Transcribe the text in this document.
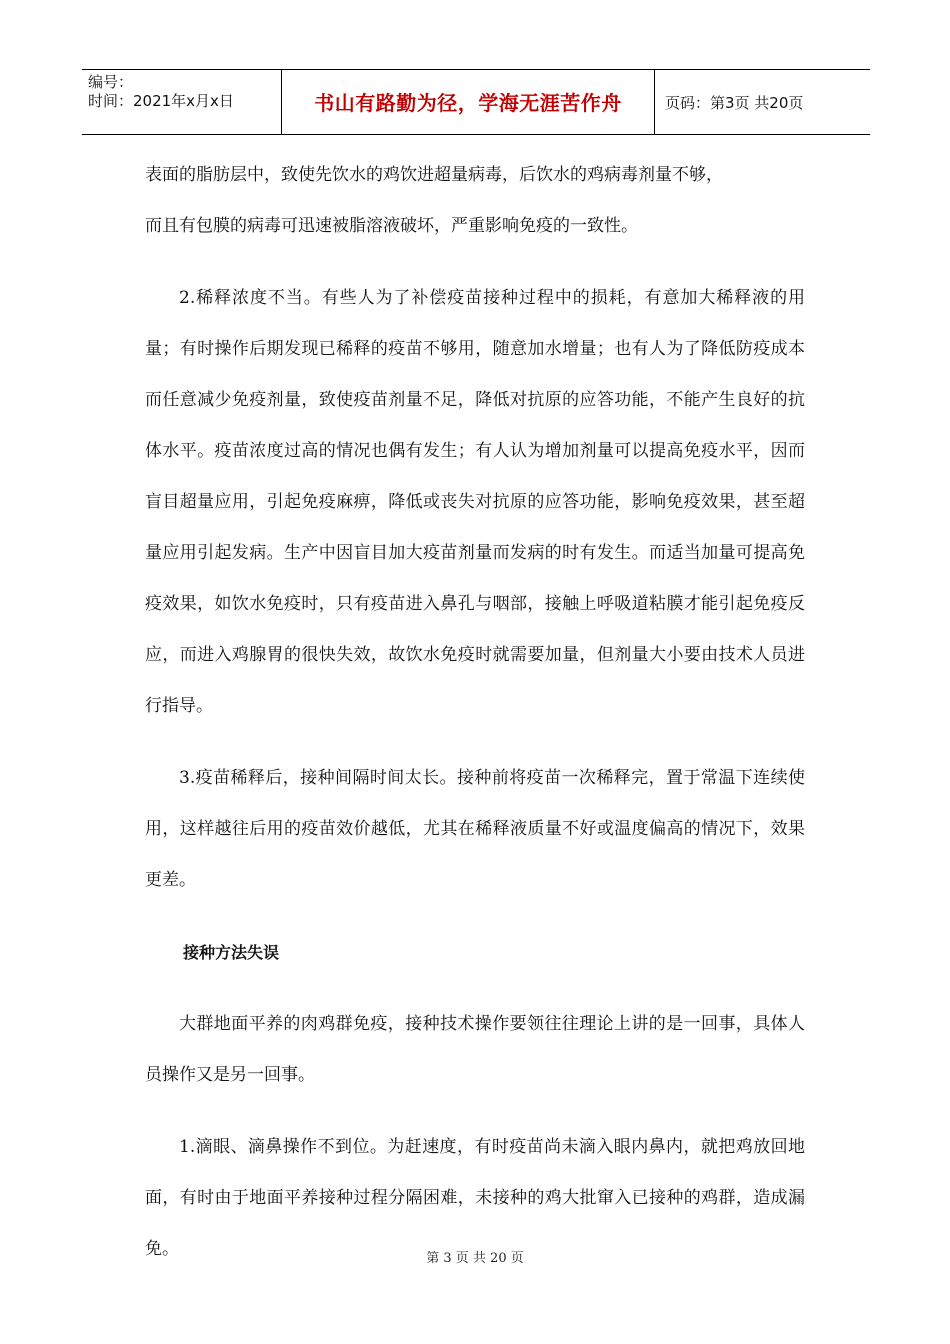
编号：
时间：2021年x月x日	书山有路勤为径，学海无涯苦作舟	页码：第3页 共20页

表面的脂肪层中，致使先饮水的鸡饮进超量病毒，后饮水的鸡病毒剂量不够，

而且有包膜的病毒可迅速被脂溶液破坏，严重影响免疫的一致性。

2.稀释浓度不当。有些人为了补偿疫苗接种过程中的损耗，有意加大稀释液的用量；有时操作后期发现已稀释的疫苗不够用，随意加水增量；也有人为了降低防疫成本而任意减少免疫剂量，致使疫苗剂量不足，降低对抗原的应答功能，不能产生良好的抗体水平。疫苗浓度过高的情况也偶有发生；有人认为增加剂量可以提高免疫水平，因而盲目超量应用，引起免疫麻痹，降低或丧失对抗原的应答功能，影响免疫效果，甚至超量应用引起发病。生产中因盲目加大疫苗剂量而发病的时有发生。而适当加量可提高免疫效果，如饮水免疫时，只有疫苗进入鼻孔与咽部，接触上呼吸道粘膜才能引起免疫反应，而进入鸡腺胃的很快失效，故饮水免疫时就需要加量，但剂量大小要由技术人员进行指导。

3.疫苗稀释后，接种间隔时间太长。接种前将疫苗一次稀释完，置于常温下连续使用，这样越往后用的疫苗效价越低，尤其在稀释液质量不好或温度偏高的情况下，效果更差。

接种方法失误

大群地面平养的肉鸡群免疫，接种技术操作要领往往理论上讲的是一回事，具体人员操作又是另一回事。

1.滴眼、滴鼻操作不到位。为赶速度，有时疫苗尚未滴入眼内鼻内，就把鸡放回地面，有时由于地面平养接种过程分隔困难，未接种的鸡大批窜入已接种的鸡群，造成漏免。	第 3 页 共 20 页
